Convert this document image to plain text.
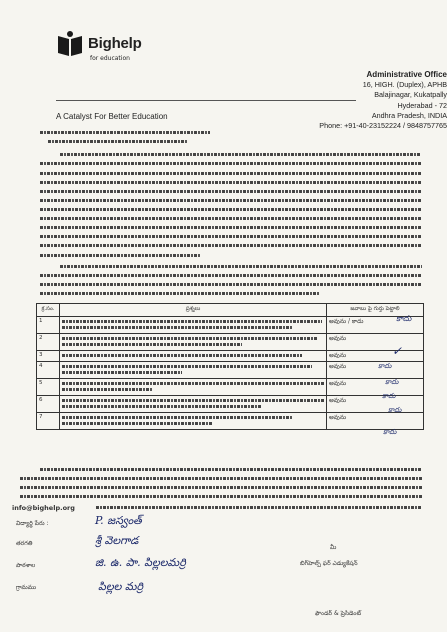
Bighelp
for education
Administrative Office
16, HIGH. (Duplex), APHB
Balajinagar, Kukatpally
Hyderabad - 72
Andhra Pradesh, INDIA
Phone: +91-40-23152224 / 9848757765
A Catalyst For Better Education
క్ర.సం.	ప్రశ్నలు	జవాబు పై గుర్తు పెట్టాలి
1		అవును / కాదు
2		అవును
3		అవును
4		అవును
5		అవును
6		అవును
7		అవును
కాదు
✓
కాదు
కాదు
కాదు
కాదు
కాదు
info@bighelp.org
విద్యార్థి పేరు :	P. జస్వంత్
తరగతి	శ్రీ వెలగాడ
పాఠశాల	జి. ఉ. పా. పిల్లలమర్రి
గ్రామము	పిల్లల మర్రి
మీ
బిగ్‌హెల్ప్ ఫర్ ఎడ్యుకేషన్
ఫౌండర్ & ప్రెసిడెంట్
